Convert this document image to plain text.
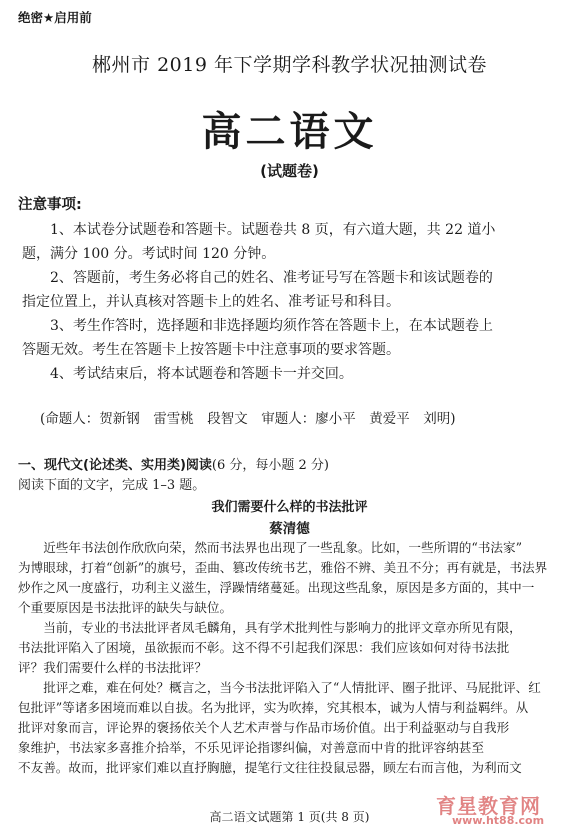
绝密★启用前
郴州市 2019 年下学期学科教学状况抽测试卷
高二语文
(试题卷)
注意事项:
1、本试卷分试题卷和答题卡。试题卷共 8 页，有六道大题，共 22 道小
题，满分 100 分。考试时间 120 分钟。
2、答题前，考生务必将自己的姓名、准考证号写在答题卡和该试题卷的
指定位置上，并认真核对答题卡上的姓名、准考证号和科目。
3、考生作答时，选择题和非选择题均须作答在答题卡上，在本试题卷上
答题无效。考生在答题卡上按答题卡中注意事项的要求答题。
4、考试结束后，将本试题卷和答题卡一并交回。
(命题人：贺新钢　雷雪桃　段智文　审题人：廖小平　黄爱平　刘明)
一、现代文(论述类、实用类)阅读(6 分，每小题 2 分)
阅读下面的文字，完成 1–3 题。
我们需要什么样的书法批评
蔡清德
　　近些年书法创作欣欣向荣，然而书法界也出现了一些乱象。比如，一些所谓的“书法家”
为博眼球，打着“创新”的旗号，歪曲、篡改传统书艺，雅俗不辨、美丑不分；再有就是，书法界
炒作之风一度盛行，功利主义滋生，浮躁情绪蔓延。出现这些乱象，原因是多方面的，其中一
个重要原因是书法批评的缺失与缺位。
　　当前，专业的书法批评者凤毛麟角，具有学术批判性与影响力的批评文章亦所见有限，
书法批评陷入了困境，虽欲振而不彰。这不得不引起我们深思：我们应该如何对待书法批
评？我们需要什么样的书法批评？
　　批评之难，难在何处？概言之，当今书法批评陷入了“人情批评、圈子批评、马屁批评、红
包批评”等诸多困境而难以自拔。名为批评，实为吹捧，究其根本，诚为人情与利益羁绊。从
批评对象而言，评论界的褒扬依关个人艺术声誉与作品市场价值。出于利益驱动与自我形
象维护，书法家多喜推介拾举，不乐见评论指谬纠偏，对善意而中肯的批评容纳甚至
不友善。故而，批评家们难以直抒胸臆，提笔行文往往投鼠忌器，顾左右而言他，为利而文
高二语文试题第 1 页(共 8 页)	育星教育网
www.ht88.com
